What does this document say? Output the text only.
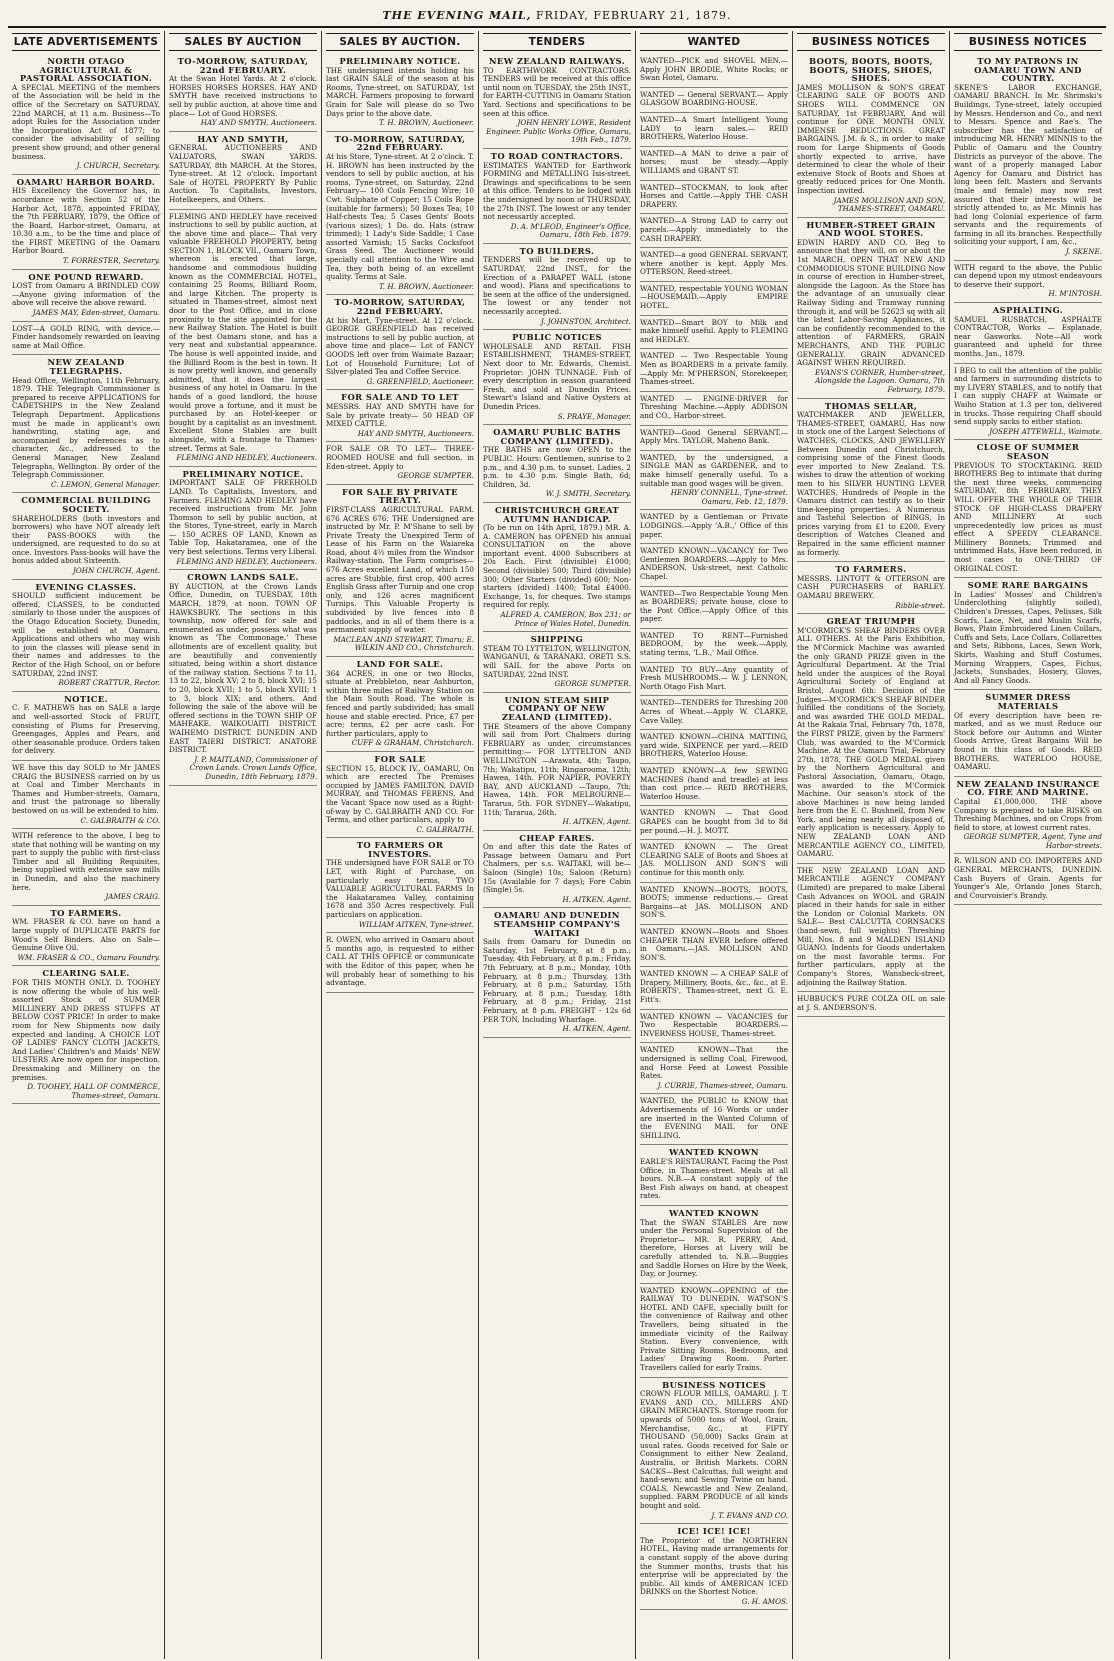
THE EVENING MAIL, FRIDAY, FEBRUARY 21, 1879.
LATE ADVERTISEMENTS
NORTH OTAGO AGRICULTURAL & PASTORAL ASSOCIATION.

A SPECIAL MEETING of the members of the Association will be held in the office of the Secretary on SATURDAY, 22nd MARCH, at 11 a.m. Business—To adopt Rules for the Association under the Incorporation Act of 1877; to consider the advisability of selling present show ground; and other general business.

J. CHURCH, Secretary.
OAMARU HARBOR BOARD.

HIS Excellency the Governor has, in accordance with Section 52 of the Harbor Act, 1878, appointed FRIDAY, the 7th FEBRUARY, 1879, the Office of the Board, Harbor-street, Oamaru, at 10.30 a.m., to be the time and place of the FIRST MEETING of the Oamaru Harbor Board.

T. FORRESTER, Secretary.
ONE POUND REWARD.

LOST from Oamaru A BRINDLED COW—Anyone giving information of the above will receive the above reward.

JAMES MAY, Eden-street, Oamaru.

LOST—A GOLD RING, with device.—Finder handsomely rewarded on leaving same at Mail Office.

NEW ZEALAND TELEGRAPHS.

Head Office, Wellington, 11th February, 1879. THE Telegraph Commissioner is prepared to receive APPLICATIONS for CADETSHIPS in the New Zealand Telegraph Department. Applications must be made in applicant's own handwriting, stating age, and accompanied by references as to character, &c., addressed to the General Manager, New Zealand Telegraphs, Wellington. By order of the Telegraph Commissioner.

C. LEMON, General Manager.
COMMERCIAL BUILDING SOCIETY.

SHAREHOLDERS (both investors and borrowers) who have NOT already left their PASS-BOOKS with the undersigned, are requested to do so at once. Investors Pass-books will have the bonus added about Sixteenth.

JOHN CHURCH, Agent.
EVENING CLASSES.

SHOULD sufficient inducement be offered, CLASSES, to be conducted similarly to those under the auspices of the Otago Education Society, Dunedin, will be established at Oamaru. Applications and others who may wish to join the classes will please send in their names and addresses to the Rector of the High School, on or before SATURDAY, 22nd INST.

ROBERT CRATTUR, Rector.
NOTICE.

C. F. MATHEWS has on SALE a large and well-assorted Stock of FRUIT, consisting of Plums for Preserving, Greengages, Apples and Pears, and other seasonable produce. Orders taken for delivery.

WE have this day SOLD to Mr JAMES CRAIG the BUSINESS carried on by us at Coal and Timber Merchants in Thames and Humber-streets, Oamaru, and trust the patronage so liberally bestowed on us will be extended to him.

C. GALBRAITH & CO.

WITH reference to the above, I beg to state that nothing will be wanting on my part to supply the public with first-class Timber and all Building Requisites, being supplied with extensive saw mills in Dunedin, and also the machinery here.

JAMES CRAIG.
TO FARMERS.

WM. FRASER & CO. have on hand a large supply of DUPLICATE PARTS for Wood's Self Binders. Also on Sale—Genuine Olive Oil.

WM. FRASER & CO., Oamaru Foundry.
CLEARING SALE.

FOR THIS MONTH ONLY. D. TOOHEY is now offering the whole of his well-assorted Stock of SUMMER MILLINERY AND DRESS STUFFS AT BELOW COST PRICE! In order to make room for New Shipments now daily expected and landing. A CHOICE LOT OF LADIES' FANCY CLOTH JACKETS, And Ladies' Children's and Maids' NEW ULSTERS Are now open for inspection. Dressmaking and Millinery on the premises.

D. TOOHEY, HALL OF COMMERCE, Thames-street, Oamaru.
SALES BY AUCTION
TO-MORROW, SATURDAY, 22nd FEBRUARY.

At the Swan Hotel Yards. At 2 o'clock. HORSES HORSES HORSES. HAY AND SMYTH have received instructions to sell by public auction, at above time and place— Lot of Good HORSES.

HAY AND SMYTH, Auctioneers.
HAY AND SMYTH,

GENERAL AUCTIONEERS AND VALUATORS, SWAN YARDS. SATURDAY, 8th MARCH. At the Stores, Tyne-street. At 12 o'clock. Important Sale of HOTEL PROPERTY By Public Auction. To Capitalists, Investors, Hotelkeepers, and Others.

FLEMING AND HEDLEY have received instructions to sell by public auction, at the above time and place— That very valuable FREEHOLD PROPERTY, being SECTION 1, BLOCK VII., Oamaru Town, whereon is erected that large, handsome and commodious building known as the COMMERCIAL HOTEL, containing 25 Rooms, Billiard Room, and large Kitchen. The property is situated in Thames-street, almost next door to the Post Office, and in close proximity to the site appointed for the new Railway Station. The Hotel is built of the best Oamaru stone, and has a very neat and substantial appearance. The house is well appointed inside, and the Billiard Room is the best in town. It is now pretty well known, and generally admitted, that it does the largest business of any hotel in Oamaru. In the hands of a good landlord, the house would prove a fortune, and it must be purchased by an Hotel-keeper or bought by a capitalist as an investment. Excellent Stone Stables are built alongside, with a frontage to Thames-street. Terms at Sale.

FLEMING AND HEDLEY, Auctioneers.
PRELIMINARY NOTICE.

IMPORTANT SALE OF FREEHOLD LAND. To Capitalists, Investors, and Farmers. FLEMING AND HEDLEY have received instructions from Mr. John Thomson to sell by public auction, at the Stores, Tyne-street, early in March— 150 ACRES OF LAND, Known as Table Top, Hakataramea, one of the very best selections. Terms very Liberal.

FLEMING AND HEDLEY, Auctioneers.
CROWN LANDS SALE.

BY AUCTION, at the Crown Lands Office, Dunedin, on TUESDAY, 18th MARCH, 1879, at noon. TOWN OF HAWKSBURY. The sections in this township, now offered for sale and enumerated as under, possess what was known as 'The Commonage.' These allotments are of excellent quality, but are beautifully and conveniently situated, being within a short distance of the railway station. Sections 7 to 11, 13 to 22, block XV; 2 to 8, block XVI; 15 to 20, block XVII; 1 to 5, block XVIII; 1 to 3, block XIX; and others. And following the sale of the above will be offered sections in the TOWN SHIP OF MAHEAKE. WAIKOUAITI DISTRICT. WAIHEMO DISTRICT. DUNEDIN AND EAST TAIERI DISTRICT. ANATORE DISTRICT.

J. P. MAITLAND, Commissioner of Crown Lands. Crown Lands Office, Dunedin, 18th February, 1879.
SALES BY AUCTION.
PRELIMINARY NOTICE.

THE undersigned intends holding his last GRAIN SALE of the season at his Rooms, Tyne-street, on SATURDAY, 1st MARCH. Farmers proposing to forward Grain for Sale will please do so Two Days prior to the above date.

T. H. BROWN, Auctioneer.
TO-MORROW, SATURDAY, 22nd FEBRUARY.

At his Store, Tyne-street. At 2 o'clock. T. H. BROWN has been instructed by the vendors to sell by public auction, at his rooms, Tyne-street, on Saturday, 22nd February— 100 Coils Fencing Wire; 10 Cwt. Sulphate of Copper; 15 Coils Rope (suitable for farmers); 50 Boxes Tea; 10 Half-chests Tea; 5 Cases Gents' Boots (various sizes); 1 Do. do. Hats (straw trimmed); 1 Lady's Side Saddle; 1 Case assorted Varnish; 15 Sacks Cocksfoot Grass Seed. The Auctioneer would specially call attention to the Wire and Tea, they both being of an excellent quality. Terms at Sale.

T. H. BROWN, Auctioneer.
TO-MORROW, SATURDAY, 22nd FEBRUARY.

At his Mart, Tyne-street. At 12 o'clock. GEORGE GREENFIELD has received instructions to sell by public auction, at above time and place— Lot of FANCY GOODS left over from Waimate Bazaar; Lot of Household Furniture; Lot of Silver-plated Tea and Coffee Service.

G. GREENFIELD, Auctioneer.
FOR SALE AND TO LET

MESSRS. HAY AND SMYTH have for Sale by private treaty— 50 HEAD OF MIXED CATTLE.

HAY AND SMYTH, Auctioneers.

FOR SALE OR TO LET— THREE-ROOMED HOUSE and full section, in Eden-street. Apply to

GEORGE SUMPTER.
FOR SALE BY PRIVATE TREATY.

FIRST-CLASS AGRICULTURAL FARM. 676 ACRES 676. THE Undersigned are instructed by Mr. P. M'Shane to sell by Private Treaty the Unexpired Term of Lease of his Farm on the Waiareka Road, about 4½ miles from the Windsor Railway-station. The Farm comprises— 676 Acres excellent Land, of which 150 acres are Stubble, first crop, 400 acres English Grass after Turnip and one crop only, and 126 acres magnificent Turnips. This Valuable Property is subdivided by live fences into 8 paddocks, and in all of them there is a permanent supply of water.

MACLEAN AND STEWART, Timaru; E. WILKIN AND CO., Christchurch.
LAND FOR SALE.

364 ACRES, in one or two Blocks, situate at Prebbleton, near Ashburton, within three miles of Railway Station on the Main South Road. The whole is fenced and partly subdivided; has small house and stable erected. Price, £7 per acre; terms, £2 per acre cash. For further particulars, apply to

CUFF & GRAHAM, Christchurch.
FOR SALE

SECTION 15, BLOCK IV., OAMARU, On which are erected The Premises occupied by JAMES FAMILTON, DAVID MURRAY, and THOMAS FERENS, And the Vacant Space now used as a Right-of-way by C. GALBRAITH AND CO. For Terms, and other particulars, apply to

C. GALBRAITH.
TO FARMERS OR INVESTORS.

THE undersigned have FOR SALE or TO LET, with Right of Purchase, on particularly easy terms, TWO VALUABLE AGRICULTURAL FARMS In the Hakataramea Valley, containing 1678 and 350 Acres respectively. Full particulars on application.

WILLIAM AITKEN, Tyne-street.

R. OWEN, who arrived in Oamaru about 5 months ago, is requested to either CALL AT THIS OFFICE or communicate with the Editor of this paper, when he will probably hear of something to his advantage.

TENDERS
NEW ZEALAND RAILWAYS.

TO EARTHWORK CONTRACTORS. TENDERS will be received at this office until noon on TUESDAY, the 25th INST., for EARTH-CUTTING in Oamaru Station Yard. Sections and specifications to be seen at this office.

JOHN HENRY LOWE, Resident Engineer. Public Works Office, Oamaru, 19th Feb., 1879.
TO ROAD CONTRACTORS.

ESTIMATES WANTED for Earthwork FORMING and METALLING Isis-street. Drawings and specifications to be seen at this office. Tenders to be lodged with the undersigned by noon of THURSDAY, the 27th INST. The lowest or any tender not necessarily accepted.

D. A. M'LEOD, Engineer's Office, Oamaru, 18th Feb. 1879.
TO BUILDERS.

TENDERS will be received up to SATURDAY, 22nd INST., for the Erection of a PARAPET WALL (stone and wood). Plans and specifications to be seen at the office of the undersigned. The lowest or any tender not necessarily accepted.

J. JOHNSTON, Architect.
PUBLIC NOTICES

WHOLESALE AND RETAIL FISH ESTABLISHMENT, THAMES-STREET, Next door to Mr. Edwards, Chemist. Proprietor: JOHN TUNNAGE. Fish of every description in season guaranteed Fresh, and sold at Dunedin Prices. Stewart's Island and Native Oysters at Dunedin Prices.

S. PRAYE, Manager.
OAMARU PUBLIC BATHS COMPANY (LIMITED).

THE BATHS are now OPEN to the PUBLIC. Hours: Gentlemen, sunrise to 2 p.m., and 4.30 p.m. to sunset. Ladies, 2 p.m. to 4.30 p.m. Single Bath, 6d; Children, 3d.

W. J. SMITH, Secretary.
CHRISTCHURCH GREAT AUTUMN HANDICAP.

(To be run on 14th April, 1879.) MR. A. A. CAMERON has OPENED his annual CONSULTATION on the above important event. 4000 Subscribers at 20s Each. First (divisible) £1000; Second (divisible) 500; Third (divisible) 300; Other Starters (divided) 600; Non-starters (divided) 1400; Total £4000. Exchange, 1s, for cheques. Two stamps required for reply.

ALFRED A. CAMERON, Box 231; or Prince of Wales Hotel, Dunedin.
SHIPPING

STEAM TO LYTTELTON, WELLINGTON, WANGANUI, & TARANAKI. ORETI S.S. will SAIL for the above Ports on SATURDAY, 22nd INST.

GEORGE SUMPTER.
UNION STEAM SHIP COMPANY OF NEW ZEALAND (LIMITED).

THE Steamers of the above Company will sail from Port Chalmers during FEBRUARY as under, circumstances permitting:— FOR LYTTELTON AND WELLINGTON —Arawata, 4th; Taupo, 7th; Wakatipu, 11th; Ringarooma, 12th; Hawea, 14th. FOR NAPIER, POVERTY BAY, AND AUCKLAND —Taupo, 7th; Hawea, 14th. FOR MELBOURNE—Tararua, 5th. FOR SYDNEY—Wakatipu, 11th; Tararua, 26th.

H. AITKEN, Agent.
CHEAP FARES.

On and after this date the Rates of Passage between Oamaru and Port Chalmers, per s.s. WAITAKI, will be— Saloon (Single) 10s; Saloon (Return) 15s (Available for 7 days); Fore Cabin (Single) 5s.

H. AITKEN, Agent.
OAMARU AND DUNEDIN STEAMSHIP COMPANY'S WAITAKI

Sails from Oamaru for Dunedin on Saturday, 1st February, at 8 p.m.; Tuesday, 4th February, at 8 p.m.; Friday, 7th February, at 8 p.m.; Monday, 10th February, at 8 p.m.; Thursday, 13th February, at 8 p.m.; Saturday, 15th February, at 8 p.m.; Tuesday, 18th February, at 8 p.m.; Friday, 21st February, at 8 p.m. FREIGHT - 12s 6d PER TON, Including Wharfage.

H. AITKEN, Agent.
WANTED

WANTED—PICK and SHOVEL MEN.—Apply JOHN BRODIE, White Rocks; or Swan Hotel, Oamaru.

WANTED — General SERVANT.— Apply GLASGOW BOARDING-HOUSE.

WANTED—A Smart Intelligent Young LADY to learn sales.— REID BROTHERS, Waterloo House.

WANTED—A MAN to drive a pair of horses; must be steady.—Apply WILLIAMS and GRANT ST.

WANTED—STOCKMAN, to look after Horses and Cattle.—Apply THE CASH DRAPERY.

WANTED—A Strong LAD to carry out parcels.—Apply immediately to the CASH DRAPERY.

WANTED—a good GENERAL SERVANT, where another is kept. Apply Mrs. OTTERSON, Reed-street.

WANTED, respectable YOUNG WOMAN—HOUSEMAID.—Apply EMPIRE HOTEL.

WANTED—Smart BOY to Milk and make himself useful. Apply to FLEMING and HEDLEY.

WANTED — Two Respectable Young Men as BOARDERS in a private family.—Apply Mr. M'PHERSON, Storekeeper, Thames-street.

WANTED — ENGINE-DRIVER for Threshing Machine.—Apply ADDISON and CO., Harbor-street.

WANTED—Good General SERVANT.— Apply Mrs. TAYLOR, Maheno Bank.

WANTED, by the undersigned, a SINGLE MAN as GARDENER, and to make himself generally useful. To a suitable man good wages will be given.

HENRY CONNELL, Tyne-street. Oamaru, Feb. 12, 1879.

WANTED by a Gentleman or Private LODGINGS.—Apply 'A.B.,' Office of this paper.

WANTED KNOWN—VACANCY for Two Gentlemen BOARDERS.—Apply to Mrs. ANDERSON, Usk-street, next Catholic Chapel.

WANTED—Two Respectable Young Men as BOARDERS; private house, close to the Post Office.—Apply Office of this paper.

WANTED TO RENT—Furnished BEDROOM, by the week.—Apply, stating terms, 'L.B.,' Mail Office.

WANTED TO BUY—Any quantity of Fresh MUSHROOMS.— W. J. LENNON, North Otago Fish Mart.

WANTED—TENDERS for Threshing 200 Acres of Wheat.—Apply W. CLARKE, Cave Valley.

WANTED KNOWN—CHINA MATTING, yard wide, SIXPENCE per yard.—REID BROTHERS, Waterloo House.

WANTED KNOWN—A few SEWING MACHINES (hand and treadle) at less than cost price.— REID BROTHERS, Waterloo House.

WANTED KNOWN — That Good GRAPES can be bought from 3d to 8d per pound.—H. J. MOTT.

WANTED KNOWN — The Great CLEARING SALE of Boots and Shoes at JAS. MOLLISON AND SON'S will continue for this month only.

WANTED KNOWN—BOOTS, BOOTS, BOOTS; immense reductions.— Great Bargains—at JAS. MOLLISON AND SON'S.

WANTED KNOWN—Boots and Shoes CHEAPER THAN EVER before offered in Oamaru.—JAS. MOLLISON AND SON'S.

WANTED KNOWN — A CHEAP SALE of Drapery, Millinery, Boots, &c., &c., at E. ROBERTS', Thames-street, next G. E. Fitt's.

WANTED KNOWN — VACANCIES for Two Respectable BOARDERS.— INVERNESS HOUSE, Thames-street.

WANTED KNOWN—That the undersigned is selling Coal, Firewood, and Horse Feed at Lowest Possible Rates.

J. CURRIE, Thames-street, Oamaru.

WANTED, the PUBLIC to KNOW that Advertisements of 16 Words or under are inserted in the Wanted Column of the EVENING MAIL for ONE SHILLING.

WANTED KNOWN

EARLE'S RESTAURANT, Facing the Post Office, in Thames-street. Meals at all hours. N.B.—A constant supply of the Best Fish always on hand, at cheapest rates.

WANTED KNOWN

That the SWAN STABLES Are now under the Personal Supervision of the Proprietor— MR. R. PERRY, And, therefore, Horses at Livery will be carefully attended to. N.B.—Buggies and Saddle Horses on Hire by the Week, Day, or Journey.

WANTED KNOWN—OPENING of the RAILWAY TO DUNEDIN. WATSON'S HOTEL AND CAFE, specially built for the convenience of Railway and other Travellers, being situated in the immediate vicinity of the Railway Station. Every convenience, with Private Sitting Rooms, Bedrooms, and Ladies' Drawing Room. Porter. Travellers called for early Trains.

BUSINESS NOTICES

CROWN FLOUR MILLS, OAMARU. J. T. EVANS AND CO., MILLERS AND GRAIN MERCHANTS. Storage room for upwards of 5000 tons of Wool, Grain, Merchandise, &c., at FIFTY THOUSAND (50,000) Sacks Grain at usual rates. Goods received for Sale or Consignment to either New Zealand, Australia, or British Markets. CORN SACKS—Best Calcuttas, full weight and hand-sewn; and Sewing Twine on hand. COALS, Newcastle and New Zealand, supplied. FARM PRODUCE of all kinds bought and sold.

J. T. EVANS AND CO.
ICE! ICE! ICE!

The Proprietor of the NORTHERN HOTEL, Having made arrangements for a constant supply of the above during the Summer months, trusts that his enterprise will be appreciated by the public. All kinds of AMERICAN ICED DRINKS on the Shortest Notice.

G. H. AMOS.
BUSINESS NOTICES
BOOTS, BOOTS, BOOTS, BOOTS, SHOES, SHOES, SHOES.

JAMES MOLLISON & SON'S GREAT CLEARING SALE OF BOOTS AND SHOES WILL COMMENCE ON SATURDAY, 1st FEBRUARY, And will continue for ONE MONTH ONLY. IMMENSE REDUCTIONS. GREAT BARGAINS. J.M. & S., in order to make room for Large Shipments of Goods shortly expected to arrive, have determined to clear the whole of their extensive Stock of Boots and Shoes at greatly reduced prices for One Month. Inspection invited.

JAMES MOLLISON AND SON, THAMES-STREET, OAMARU.
HUMBER-STREET GRAIN AND WOOL STORES.

EDWIN HARDY AND CO. Beg to announce that they will, on or about the 1st MARCH, OPEN THAT NEW AND COMMODIOUS STONE BUILDING Now in course of erection in Humber-street, alongside the Lagoon. As the Store has the advantage of an unusually clear Railway Siding and Tramway running through it, and will be 52623 sq with all the latest Labor-Saving Appliances, it can be confidently recommended to the attention of FARMERS, GRAIN MERCHANTS, AND THE PUBLIC GENERALLY. GRAIN ADVANCED AGAINST WHEN REQUIRED.

EVANS'S CORNER, Humber-street, Alongside the Lagoon. Oamaru, 7th February, 1879.
THOMAS SELLAR,

WATCHMAKER AND JEWELLER, THAMES-STREET, OAMARU, Has now in stock one of the Largest Selections of WATCHES, CLOCKS, AND JEWELLERY Between Dunedin and Christchurch, comprising some of the Finest Goods ever imported to New Zealand. T.S. wishes to draw the attention of working men to his SILVER HUNTING LEVER WATCHES, Hundreds of People in the Oamaru district can testify as to their time-keeping properties. A Numerous and Tasteful Selection of RINGS, In prices varying from £1 to £200. Every description of Watches Cleaned and Repaired in the same efficient manner as formerly.

TO FARMERS.

MESSRS. LINTOTT & OTTERSON are CASH PURCHASERS of BARLEY. OAMARU BREWERY.

Ribble-street.
GREAT TRIUMPH

M'CORMICK'S SHEAF BINDERS OVER ALL OTHERS. At the Paris Exhibition, the M'Cormick Machine was awarded the only GRAND PRIZE given in the Agricultural Department. At the Trial held under the auspices of the Royal Agricultural Society of England at Bristol, August 6th: Decision of the Judges—M'CORMICK'S SHEAF BINDER fulfilled the conditions of the Society, and was awarded THE GOLD MEDAL. At the Rakaia Trial, February 7th, 1878, the FIRST PRIZE, given by the Farmers' Club, was awarded to the M'Cormick Machine. At the Oamaru Trial, February 27th, 1878, THE GOLD MEDAL given by the Northern Agricultural and Pastoral Association, Oamaru, Otago, was awarded to the M'Cormick Machine. Our season's stock of the above Machines is now being landed here from the E. C. Bushnell, from New York, and being nearly all disposed of, early application is necessary. Apply to NEW ZEALAND LOAN AND MERCANTILE AGENCY CO., LIMITED, OAMARU.

THE NEW ZEALAND LOAN AND MERCANTILE AGENCY COMPANY (Limited) are prepared to make Liberal Cash Advances on WOOL and GRAIN placed in their hands for sale in either the London or Colonial Markets. ON SALE— Best CALCUTTA CORNSACKS (hand-sewn, full weights) Threshing Mill, Nos. 8 and 9 MALDEN ISLAND GUANO. Indents for Goods undertaken on the most favorable terms. For further particulars, apply at the Company's Stores, Wansbeck-street, adjoining the Railway Station.

HUBBUCK'S PURE COLZA OIL on sale at J. S. ANDERSON'S.

BUSINESS NOTICES
TO MY PATRONS IN OAMARU TOWN AND COUNTRY.

SKENE'S LABOR EXCHANGE, OAMARU BRANCH. In Mr. Shrimski's Buildings, Tyne-street, lately occupied by Messrs. Henderson and Co., and next to Messrs. Spence and Rae's. The subscriber has the satisfaction of introducing MR. HENRY MINNIS to the Public of Oamaru and the Country Districts as purveyor of the above. The want of a properly managed Labor Agency for Oamaru and District has long been felt. Masters and Servants (male and female) may now rest assured that their interests will be strictly attended to, as Mr. Minnis has had long Colonial experience of farm servants and the requirements of farming in all its branches. Respectfully soliciting your support, I am, &c.,

J. SKENE.

WITH regard to the above, the Public can depend upon my utmost endeavours to deserve their support.

H. M'INTOSH.
ASPHALTING.

SAMUEL RUSBATCH, ASPHALTE CONTRACTOR, Works — Esplanade, near Gasworks. Note—All work guaranteed and upheld for three months. Jan., 1879.

I BEG to call the attention of the public and farmers in surrounding districts to my LIVERY STABLES, and to notify that I can supply CHAFF at Waimate or Waiho Station at 1.3 per ton, delivered in trucks. Those requiring Chaff should send supply sacks to either station.

JOSEPH ATTEWELL, Waimate.
CLOSE OF SUMMER SEASON

PREVIOUS TO STOCKTAKING. REID BROTHERS Beg to intimate that during the next three weeks, commencing SATURDAY, 8th FEBRUARY, THEY WILL OFFER THE WHOLE OF THEIR STOCK OF HIGH-CLASS DRAPERY AND MILLINERY At such unprecedentedly low prices as must effect A SPEEDY CLEARANCE. Millinery Bonnets, Trimmed and untrimmed Hats, Have been reduced, in most cases to ONE-THIRD OF ORIGINAL COST.

SOME RARE BARGAINS

In Ladies' Mosses' and Children's Underclothing (slightly soiled), Children's Dresses, Capes, Pelisses, Silk Scarfs, Lace, Net, and Muslin Scarfs, Bows, Plain Embroidered Linen Collars, Cuffs and Sets, Lace Collars, Collarettes and Sets, Ribbons, Laces, Sewn Work, Skirts, Washing and Stuff Costumes, Morning Wrappers, Capes, Fichus, Jackets, Sunshades, Hosiery, Gloves, And all Fancy Goods.

SUMMER DRESS MATERIALS

Of every description have been re-marked, and as we must Reduce our Stock before our Autumn and Winter Goods Arrive, Great Bargains Will be found in this class of Goods. REID BROTHERS, WATERLOO HOUSE, OAMARU.

NEW ZEALAND INSURANCE CO. FIRE AND MARINE.

Capital £1,000,000. THE above Company is prepared to take RISKS on Threshing Machines, and on Crops from field to store, at lowest current rates.

GEORGE SUMPTER, Agent, Tyne and Harbor-streets.

R. WILSON AND CO. IMPORTERS AND GENERAL MERCHANTS, DUNEDIN. Cash Buyers of Grain. Agents for Younger's Ale, Orlando Jones Starch, and Courvoisier's Brandy.
